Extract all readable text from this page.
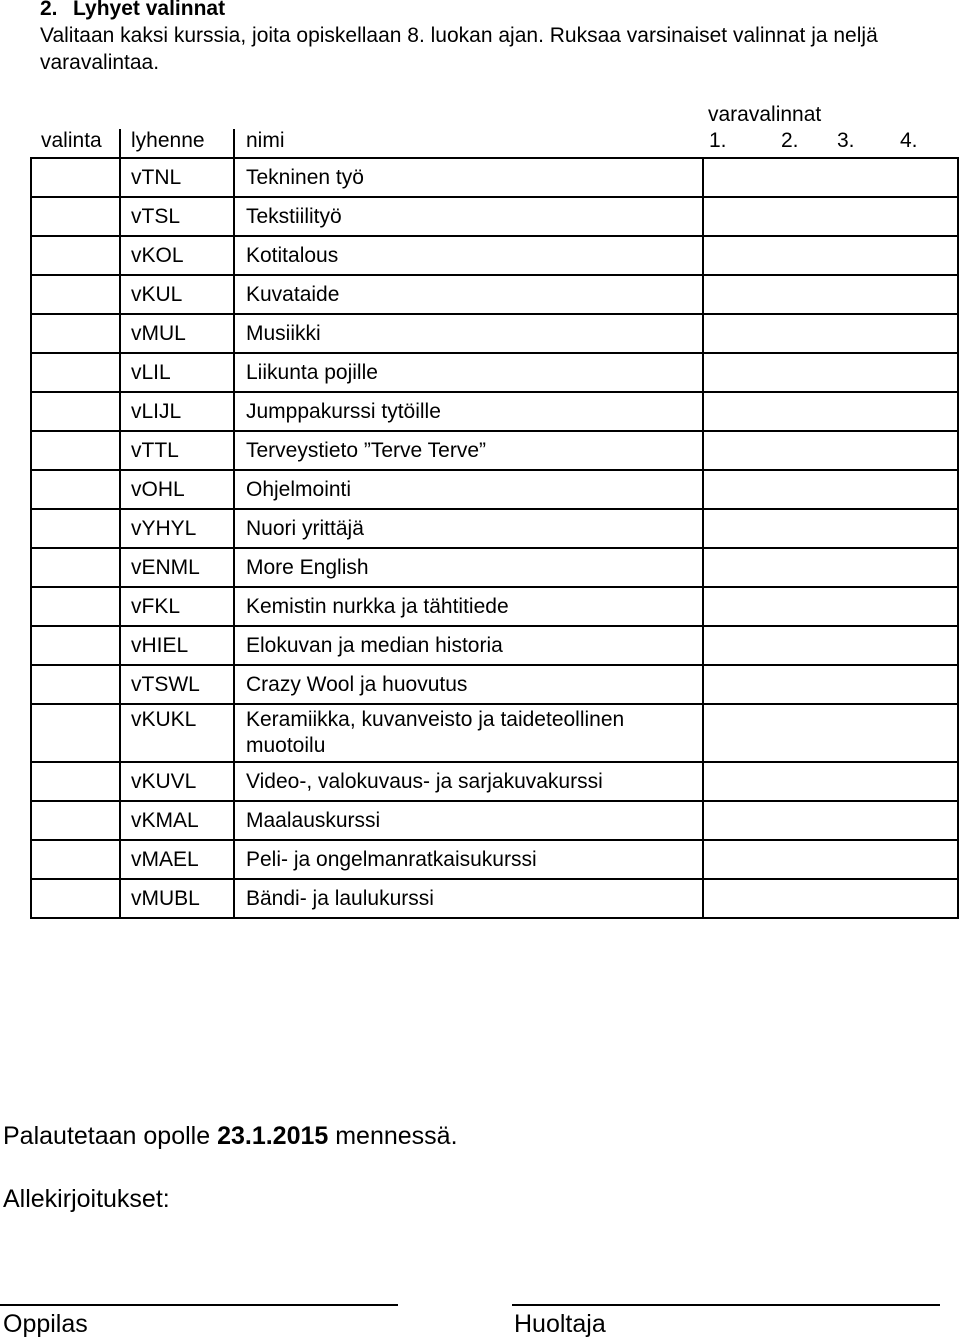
2. Lyhyet valinnat
Valitaan kaksi kurssia, joita opiskellaan 8. luokan ajan. Ruksaa varsinaiset valinnat ja neljä varavalintaa.
			varavalinnat			
valinta	lyhenne	nimi	1.	2.	3.	4.
	vTNL	Tekninen työ				
	vTSL	Tekstiilityö				
	vKOL	Kotitalous				
	vKUL	Kuvataide				
	vMUL	Musiikki				
	vLIL	Liikunta pojille				
	vLIJL	Jumppakurssi tytöille				
	vTTL	Terveystieto ”Terve Terve”				
	vOHL	Ohjelmointi				
	vYHYL	Nuori yrittäjä				
	vENML	More English				
	vFKL	Kemistin nurkka ja tähtitiede				
	vHIEL	Elokuvan ja median historia				
	vTSWL	Crazy Wool ja huovutus				
	vKUKL	Keramiikka, kuvanveisto ja taideteollinen muotoilu				
	vKUVL	Video-, valokuvaus- ja sarjakuvakurssi				
	vKMAL	Maalauskurssi				
	vMAEL	Peli- ja ongelmanratkaisukurssi				
	vMUBL	Bändi- ja laulukurssi				
Palautetaan opolle 23.1.2015 mennessä.
Allekirjoitukset:
Oppilas	Huoltaja
